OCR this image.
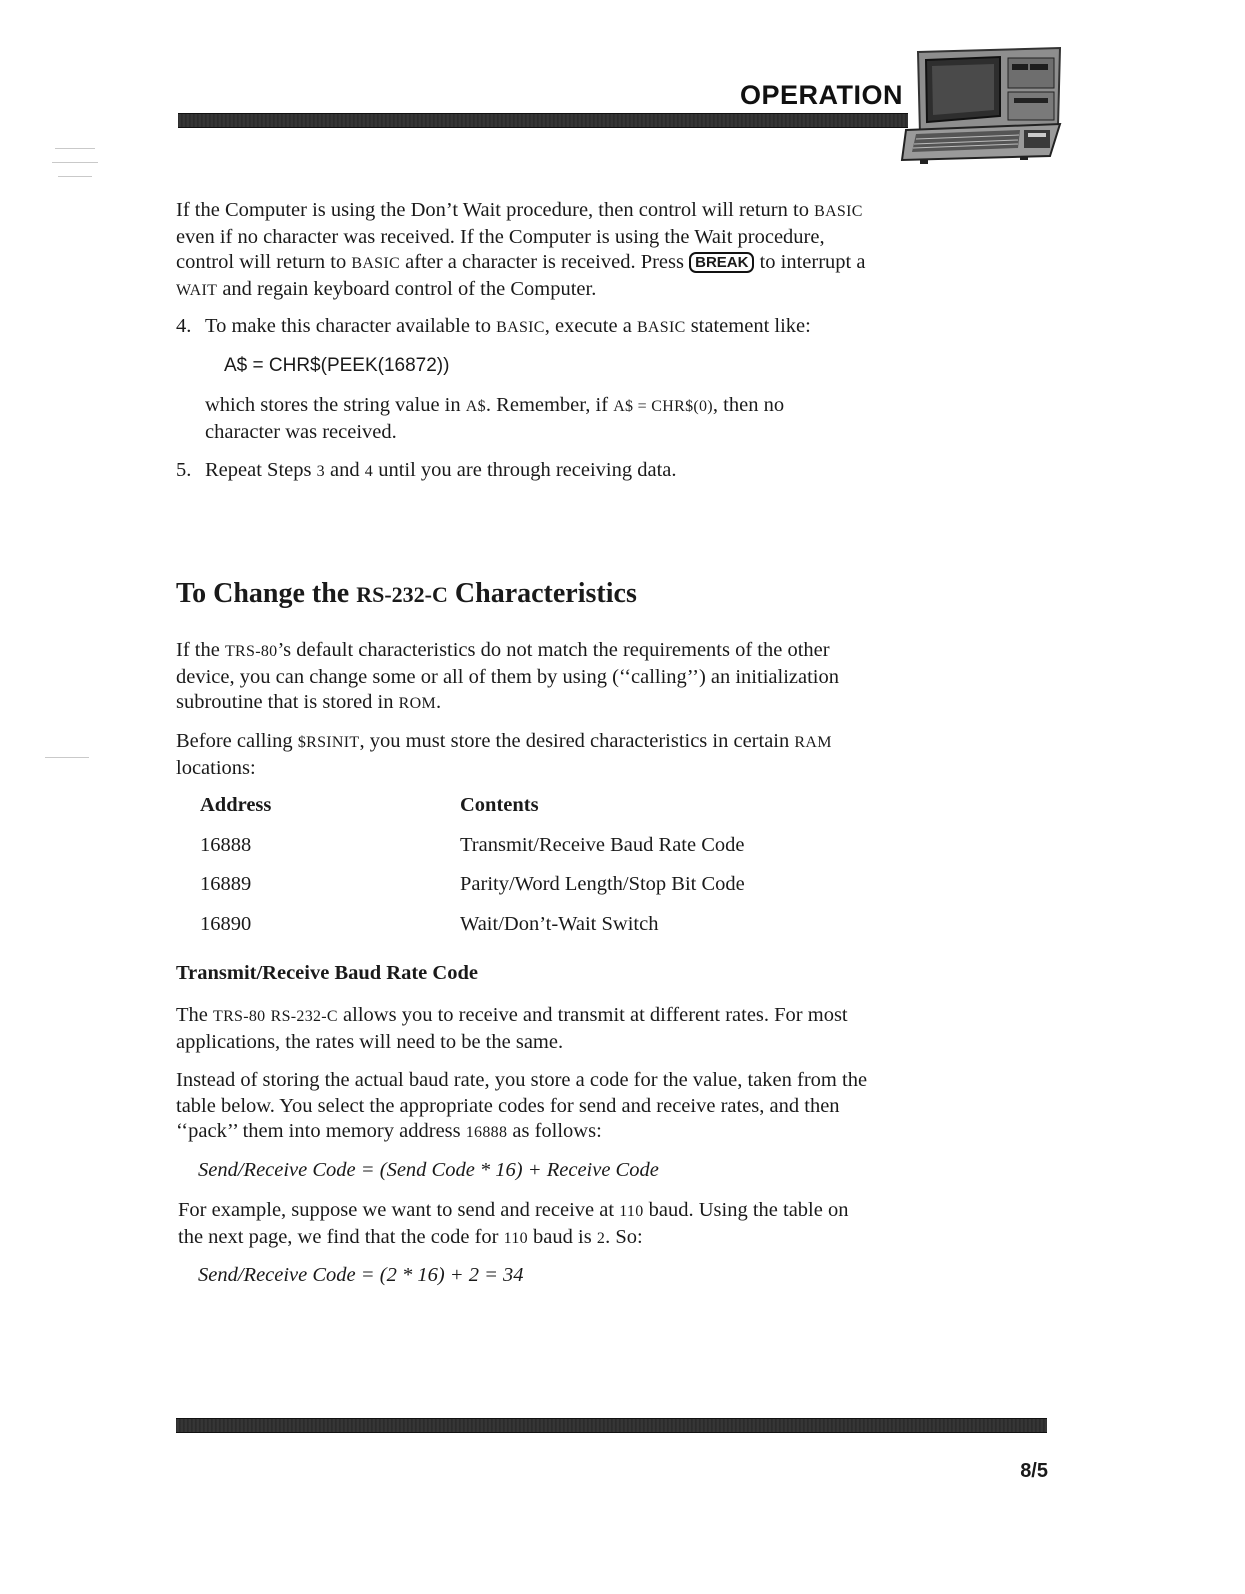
OPERATION
If the Computer is using the Don’t Wait procedure, then control will return to BASIC
even if no character was received. If the Computer is using the Wait procedure,
control will return to BASIC after a character is received. Press BREAK to interrupt a
WAIT and regain keyboard control of the Computer.
4. To make this character available to BASIC, execute a BASIC statement like:
A$ = CHR$(PEEK(16872))
which stores the string value in A$. Remember, if A$ = CHR$(0), then no
character was received.
5. Repeat Steps 3 and 4 until you are through receiving data.
To Change the RS-232-C Characteristics
If the TRS-80’s default characteristics do not match the requirements of the other
device, you can change some or all of them by using (‘‘calling’’) an initialization
subroutine that is stored in ROM.
Before calling $RSINIT, you must store the desired characteristics in certain RAM
locations:
Address	Contents
16888	Transmit/Receive Baud Rate Code
16889	Parity/Word Length/Stop Bit Code
16890	Wait/Don’t-Wait Switch
Transmit/Receive Baud Rate Code
The TRS-80 RS-232-C allows you to receive and transmit at different rates. For most
applications, the rates will need to be the same.
Instead of storing the actual baud rate, you store a code for the value, taken from the
table below. You select the appropriate codes for send and receive rates, and then
‘‘pack’’ them into memory address 16888 as follows:
Send/Receive Code = (Send Code * 16) + Receive Code
For example, suppose we want to send and receive at 110 baud. Using the table on
the next page, we find that the code for 110 baud is 2. So:
Send/Receive Code = (2 * 16) + 2 = 34
8/5
